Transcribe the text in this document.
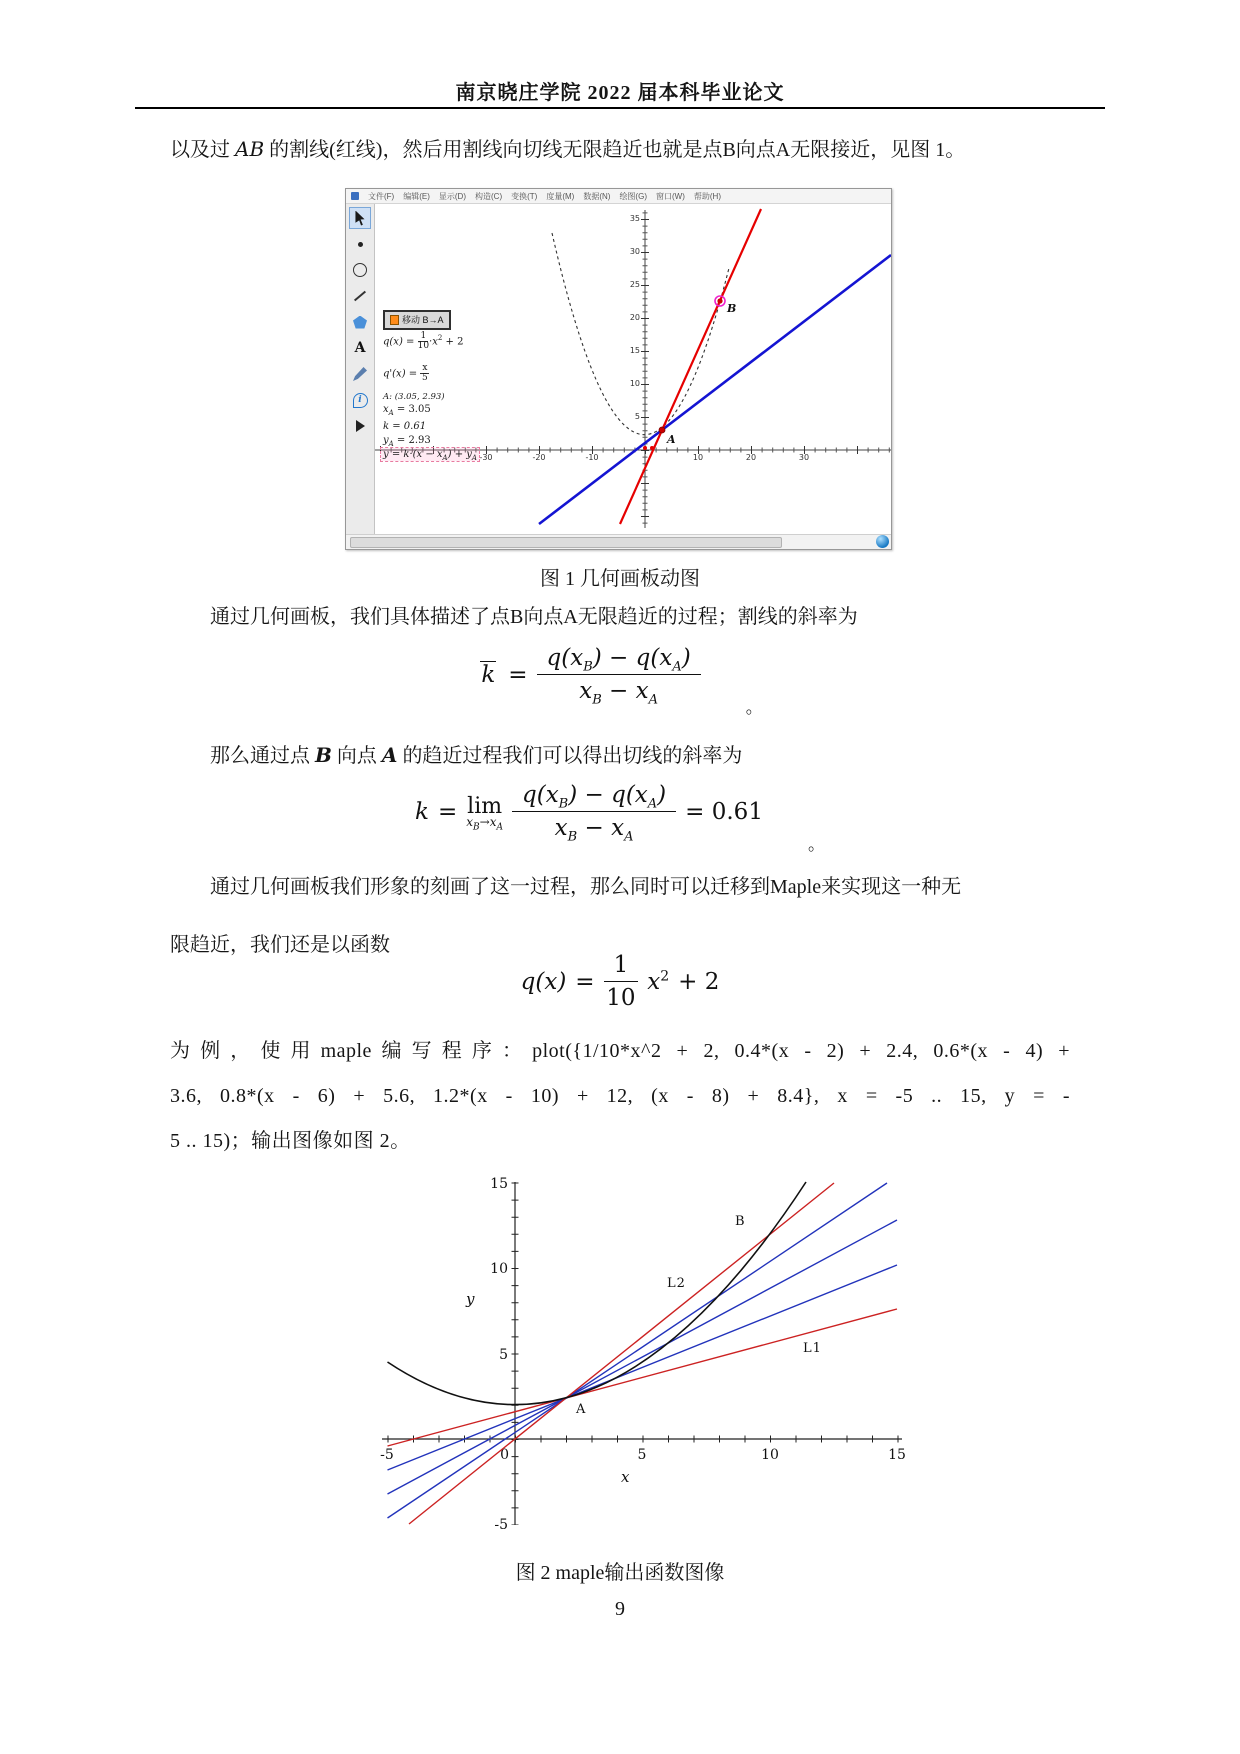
南京晓庄学院 2022 届本科毕业论文
以及过 AB 的割线(红线)，然后用割线向切线无限趋近也就是点B向点A无限接近，见图 1。
文件(F) 编辑(E) 显示(D) 构造(C) 变换(T) 度量(M) 数据(N) 绘图(G) 窗口(W) 帮助(H)
A
i
-30	-20	-10	10	20	30
5
10
15
20
25
30
35
A
B
移动 B→A
$q(x) = \frac{1}{10} \cdot x^2 + 2$
$q'(x) = \frac{x}{5}$
A: (3.05, 2.93)
$x_A = 3.05$
k = 0.61
$y_A = 2.93$
$y = k\cdot(x - x_A) + y_A$
图 1 几何画板动图
通过几何画板，我们具体描述了点B向点A无限趋近的过程；割线的斜率为
$k = \frac{q(x_B) - q(x_A)}{x_B - x_A}$
。
那么通过点 B 向点 A 的趋近过程我们可以得出切线的斜率为
k = lim
$x_B\to x_A \frac{q(x_B) - q(x_A)}{x_B - x_A} = 0.61$
。
通过几何画板我们形象的刻画了这一过程，那么同时可以迁移到Maple来实现这一种无
限趋近，我们还是以函数
$q(x) = \frac{1}{10} x^2 + 2$
为例，使用maple编写程序：plot({1/10*x^2 + 2, 0.4*(x - 2) + 2.4, 0.6*(x - 4) +
3.6, 0.8*(x - 6) + 5.6, 1.2*(x - 10) + 12, (x - 8) + 8.4}, x = -5 .. 15, y = -
5 .. 15)；输出图像如图 2。
-5	0	5	10	15
15
10
5
-5
y
x
L2
L1
B
A
图 2 maple输出函数图像
9
